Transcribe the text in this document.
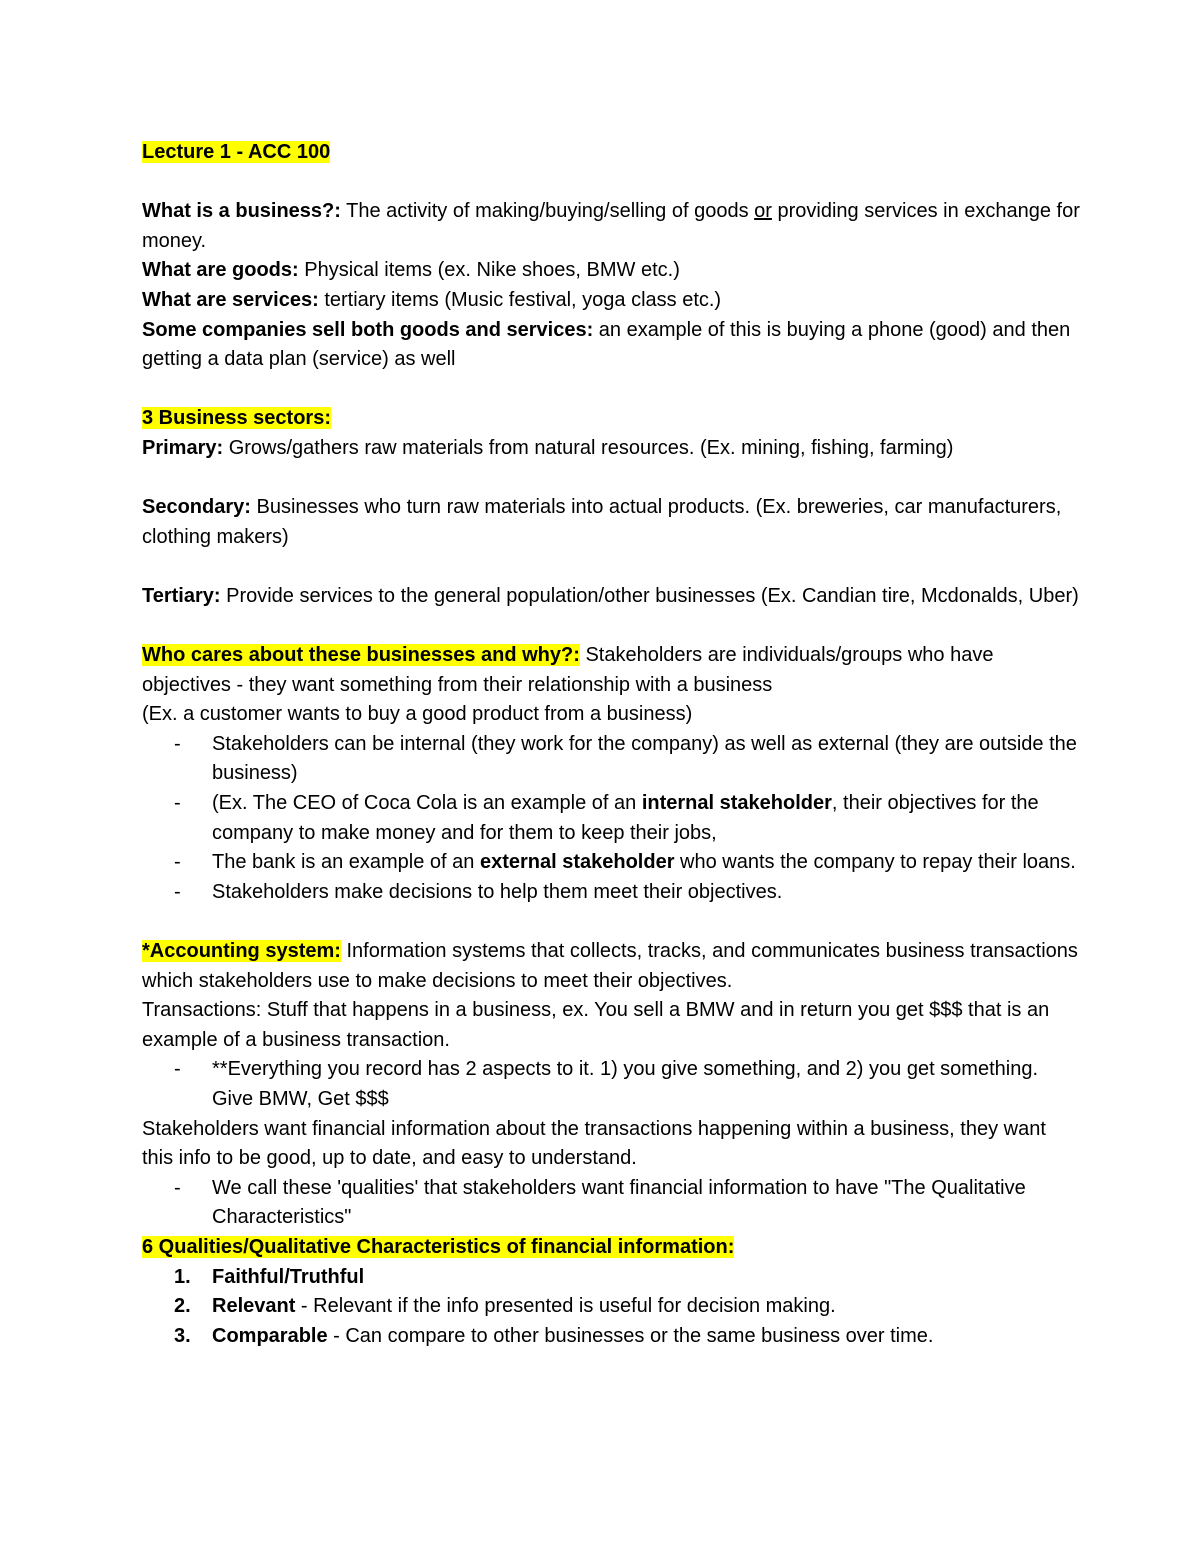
Lecture 1 - ACC 100

What is a business?: The activity of making/buying/selling of goods or providing services in exchange for money.

What are goods: Physical items (ex. Nike shoes, BMW etc.)

What are services: tertiary items (Music festival, yoga class etc.)

Some companies sell both goods and services: an example of this is buying a phone (good) and then getting a data plan (service) as well

3 Business sectors:

Primary: Grows/gathers raw materials from natural resources. (Ex. mining, fishing, farming)

Secondary: Businesses who turn raw materials into actual products. (Ex. breweries, car manufacturers, clothing makers)

Tertiary: Provide services to the general population/other businesses (Ex. Candian tire, Mcdonalds, Uber)

Who cares about these businesses and why?: Stakeholders are individuals/groups who have objectives - they want something from their relationship with a business

(Ex. a customer wants to buy a good product from a business)

- Stakeholders can be internal (they work for the company) as well as external (they are outside the business)

- (Ex. The CEO of Coca Cola is an example of an internal stakeholder, their objectives for the company to make money and for them to keep their jobs,

- The bank is an example of an external stakeholder who wants the company to repay their loans.

- Stakeholders make decisions to help them meet their objectives.

*Accounting system: Information systems that collects, tracks, and communicates business transactions which stakeholders use to make decisions to meet their objectives.

Transactions: Stuff that happens in a business, ex. You sell a BMW and in return you get $$$ that is an example of a business transaction.

- **Everything you record has 2 aspects to it. 1) you give something, and 2) you get something. Give BMW, Get $$$

Stakeholders want financial information about the transactions happening within a business, they want this info to be good, up to date, and easy to understand.

- We call these 'qualities' that stakeholders want financial information to have "The Qualitative Characteristics"

6 Qualities/Qualitative Characteristics of financial information:

1. Faithful/Truthful

2. Relevant - Relevant if the info presented is useful for decision making.

3. Comparable - Can compare to other businesses or the same business over time.
